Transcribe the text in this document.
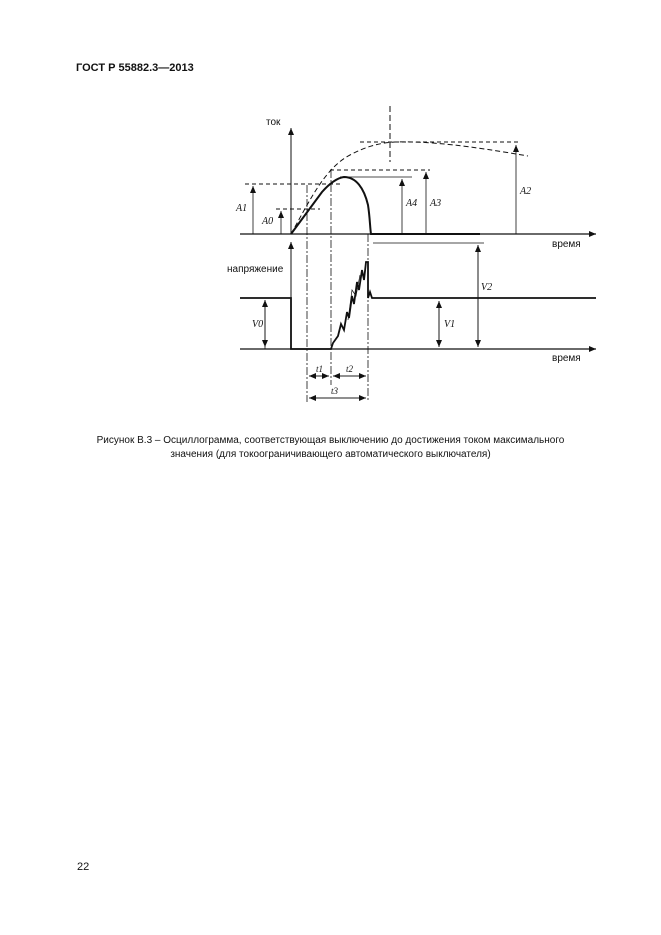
ГОСТ Р 55882.3—2013
ток
время
A1
A0
A4 A3
A2
напряжение
время
V0	V1
V2
t1	t2
t3
Рисунок В.3 – Осциллограмма, соответствующая выключению до достижения током максимального
значения (для токоограничивающего автоматического выключателя)
22
